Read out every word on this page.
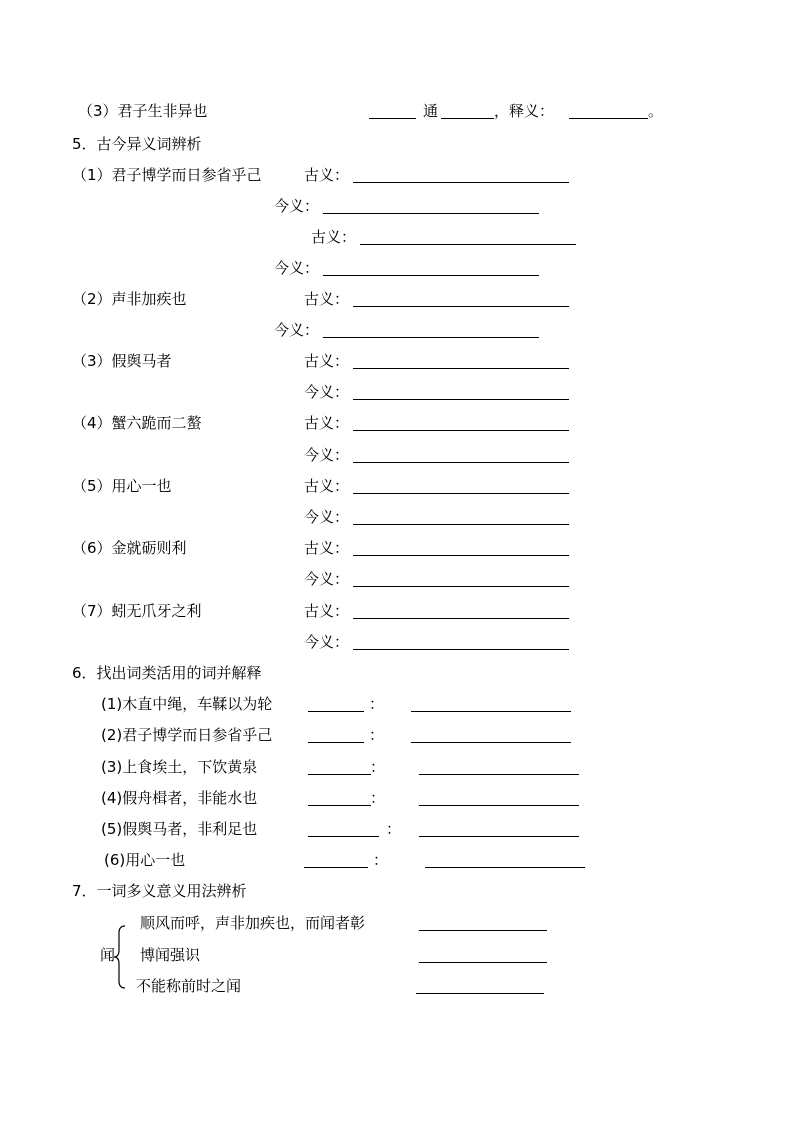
（3）君子生非异也	通	，释义：	。
5．古今异义词辨析
（1）君子博学而日参省乎己	古义：
今义：
古义：
今义：
（2）声非加疾也	古义：
今义：
（3）假舆马者	古义：
今义：
（4）蟹六跪而二螯	古义：
今义：
（5）用心一也	古义：
今义：
（6）金就砺则利	古义：
今义：
（7）蚓无爪牙之利	古义：
今义：
6．找出词类活用的词并解释
(1)木直中绳，车鞣以为轮	：
(2)君子博学而日参省乎己	：
(3)上食埃土，下饮黄泉	：
(4)假舟楫者，非能水也	：
(5)假舆马者，非利足也	：
(6)用心一也	：
7．一词多义意义用法辨析
闻
顺风而呼，声非加疾也，而闻者彰
博闻强识
不能称前时之闻
